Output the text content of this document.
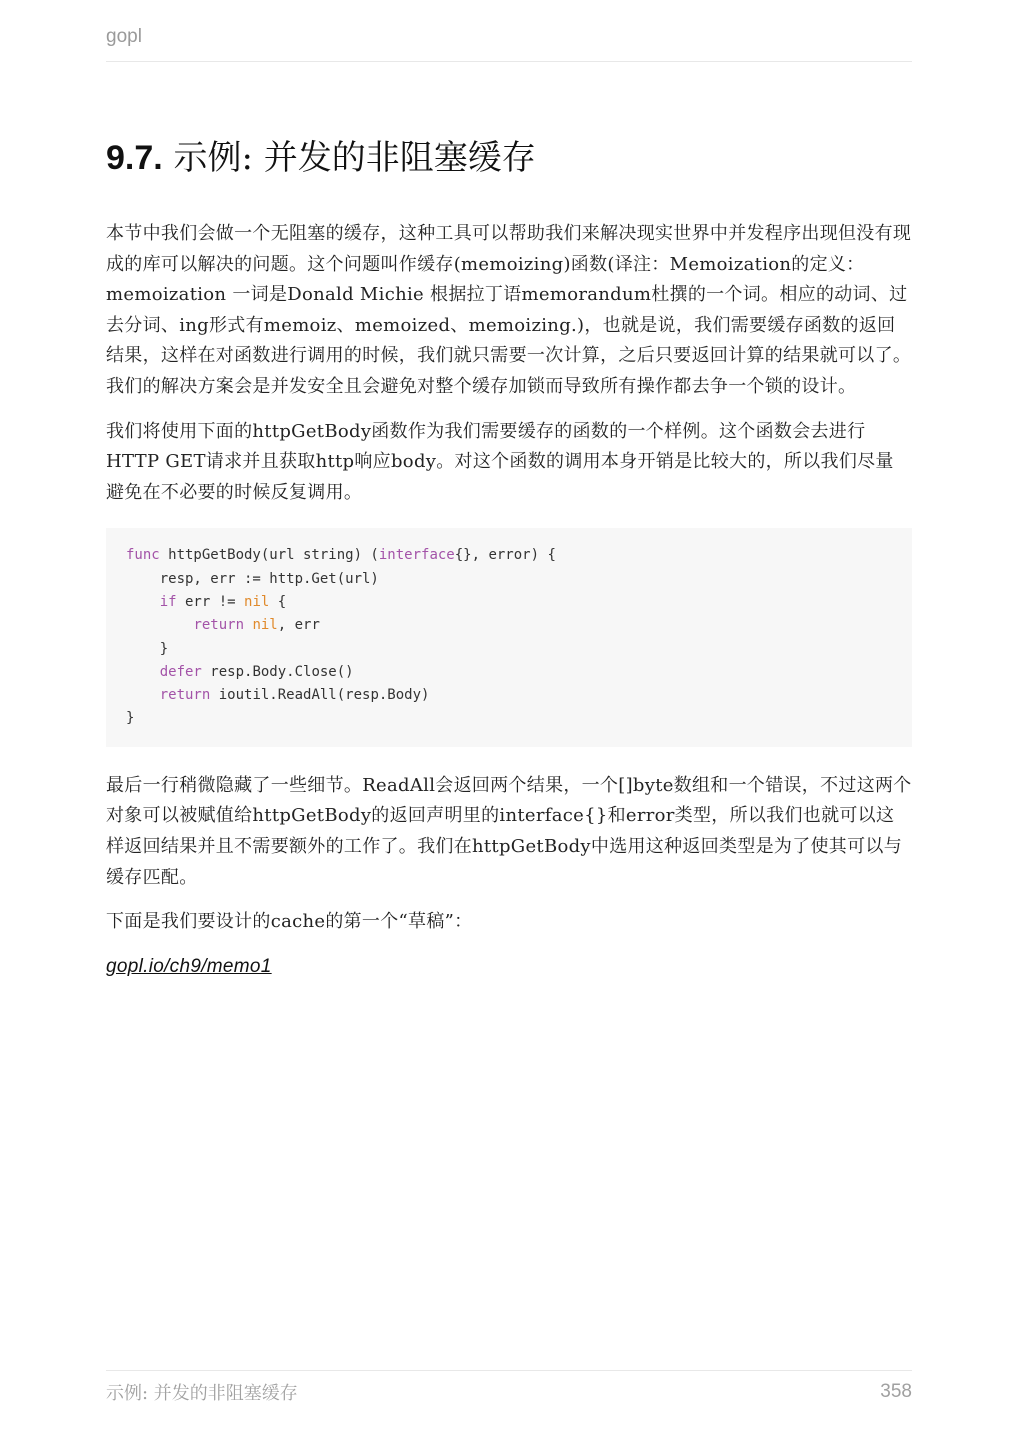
gopl
9.7. 示例: 并发的非阻塞缓存

本节中我们会做一个无阻塞的缓存，这种工具可以帮助我们来解决现实世界中并发程序出现但没有现成的库可以解决的问题。这个问题叫作缓存(memoizing)函数(译注：Memoization的定义： memoization 一词是Donald Michie 根据拉丁语memorandum杜撰的一个词。相应的动词、过去分词、ing形式有memoiz、memoized、memoizing.)，也就是说，我们需要缓存函数的返回结果，这样在对函数进行调用的时候，我们就只需要一次计算，之后只要返回计算的结果就可以了。我们的解决方案会是并发安全且会避免对整个缓存加锁而导致所有操作都去争一个锁的设计。

我们将使用下面的httpGetBody函数作为我们需要缓存的函数的一个样例。这个函数会去进行HTTP GET请求并且获取http响应body。对这个函数的调用本身开销是比较大的，所以我们尽量避免在不必要的时候反复调用。

func httpGetBody(url string) (interface{}, error) {
resp, err := http.Get(url)
if err != nil {
return nil, err
}
defer resp.Body.Close()
return ioutil.ReadAll(resp.Body)
}

最后一行稍微隐藏了一些细节。ReadAll会返回两个结果，一个[]byte数组和一个错误，不过这两个对象可以被赋值给httpGetBody的返回声明里的interface{}和error类型，所以我们也就可以这样返回结果并且不需要额外的工作了。我们在httpGetBody中选用这种返回类型是为了使其可以与缓存匹配。

下面是我们要设计的cache的第一个“草稿”：

gopl.io/ch9/memo1

示例: 并发的非阻塞缓存	358
